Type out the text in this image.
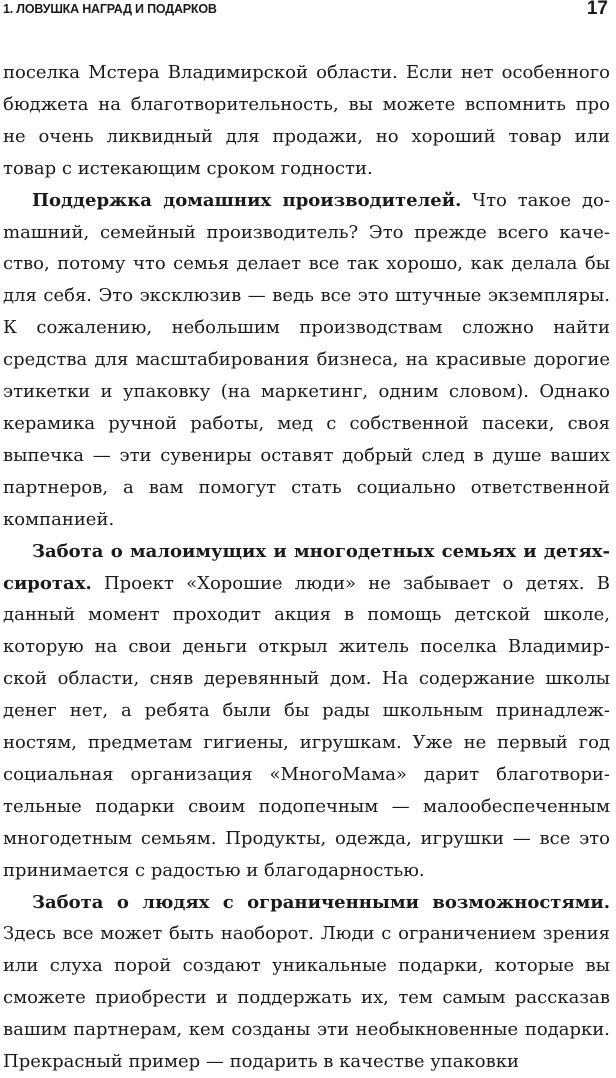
1. ЛОВУШКА НАГРАД И ПОДАРКОВ	17

поселка Мстера Владимирской области. Если нет особенного бюджета на благотворительность, вы можете вспомнить про не очень ликвидный для продажи, но хороший товар или товар с истекающим сроком годности.

Поддержка домашних производителей. Что такое доmашний, семейный производитель? Это прежде всего качество, потому что семья делает все так хорошо, как делала бы для себя. Это эксклюзив — ведь все это штучные экземпляры. К сожалению, небольшим производствам сложно найти средства для масштабирования бизнеса, на красивые дорогие этикетки и упаковку (на маркетинг, одним словом). Однако керамика ручной работы, мед с собственной пасеки, своя выпечка — эти сувениры оставят добрый след в душе ваших партнеров, а вам помогут стать социально ответственной компанией.

Забота о малоимущих и многодетных семьях и детях-сиротах. Проект «Хорошие люди» не забывает о детях. В данный момент проходит акция в помощь детской школе, которую на свои деньги открыл житель поселка Владимирской области, сняв деревянный дом. На содержание школы денег нет, а ребята были бы рады школьным принадлежностям, предметам гигиены, игрушкам. Уже не первый год социальная организация «МногоМама» дарит благотворительные подарки своим подопечным — малообеспеченным многодетным семьям. Продукты, одежда, игрушки — все это принимается с радостью и благодарностью.

Забота о людях с ограниченными возможностями. Здесь все может быть наоборот. Люди с ограничением зрения или слуха порой создают уникальные подарки, которые вы сможете приобрести и поддержать их, тем самым рассказав вашим партнерам, кем созданы эти необыкновенные подарки. Прекрасный пример — подарить в качестве упаковки
